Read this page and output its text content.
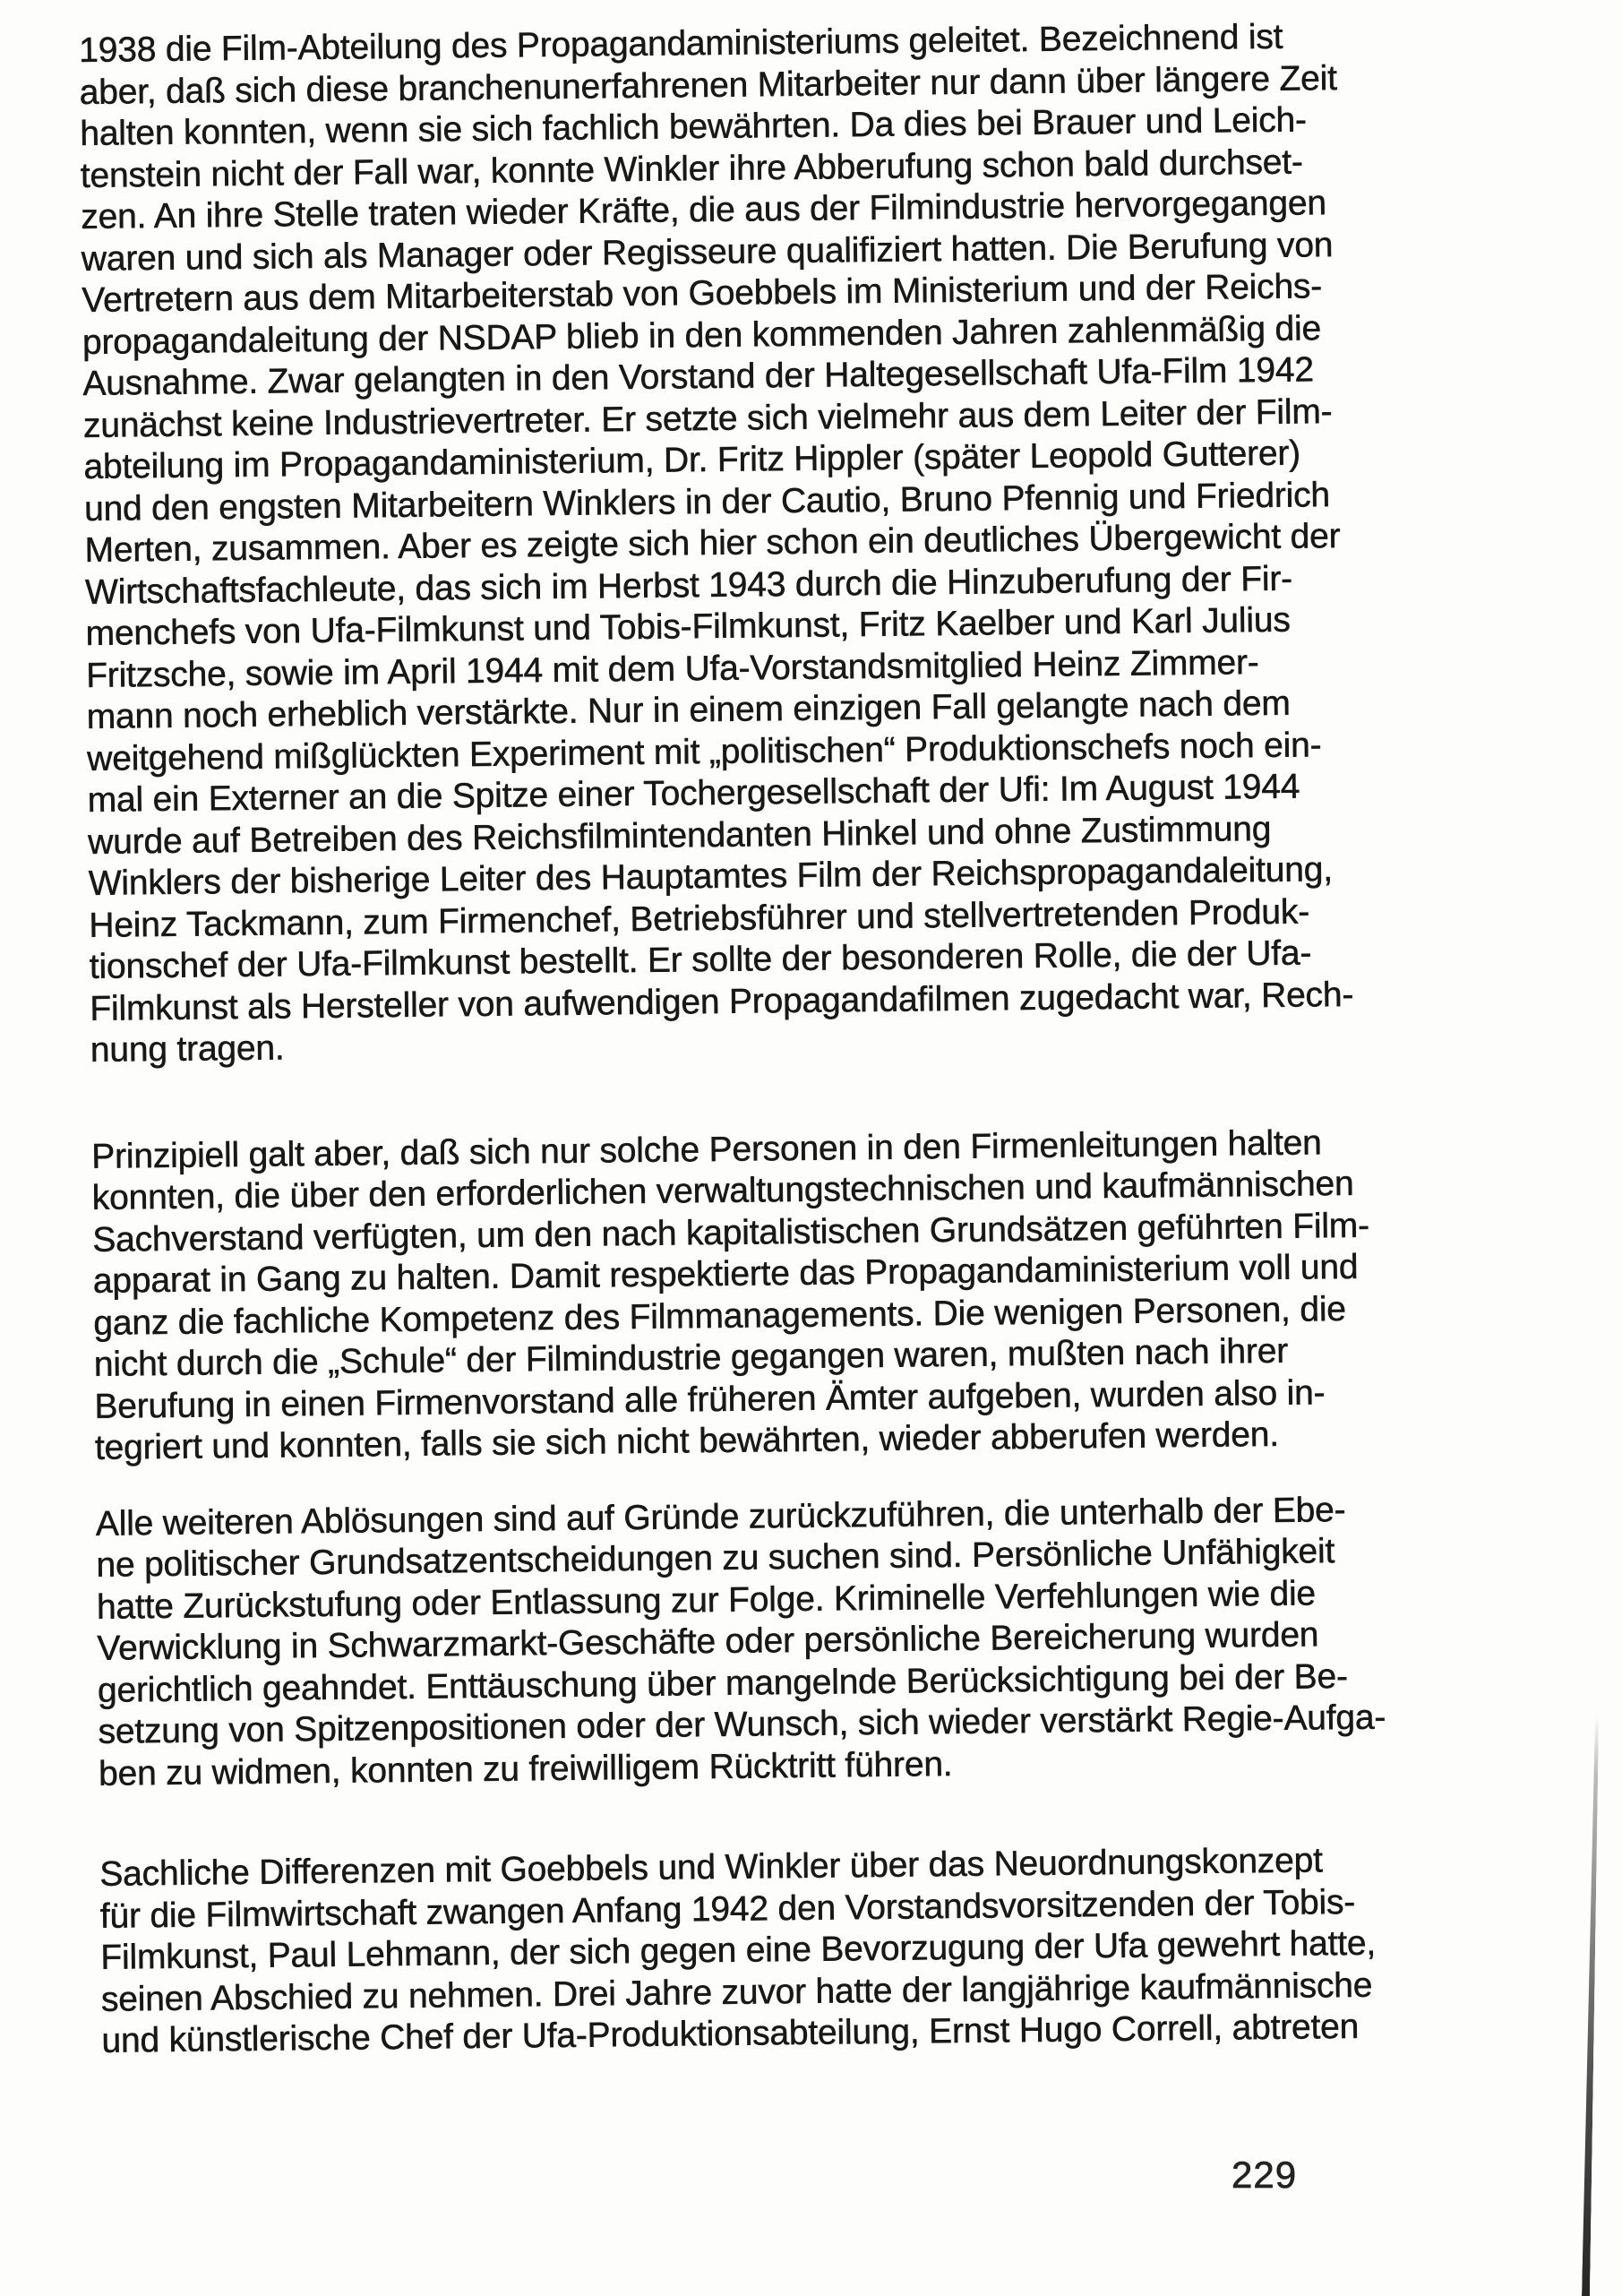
1938 die Film-Abteilung des Propagandaministeriums geleitet. Bezeichnend ist
aber, daß sich diese branchenunerfahrenen Mitarbeiter nur dann über längere Zeit
halten konnten, wenn sie sich fachlich bewährten. Da dies bei Brauer und Leich-
tenstein nicht der Fall war, konnte Winkler ihre Abberufung schon bald durchset-
zen. An ihre Stelle traten wieder Kräfte, die aus der Filmindustrie hervorgegangen
waren und sich als Manager oder Regisseure qualifiziert hatten. Die Berufung von
Vertretern aus dem Mitarbeiterstab von Goebbels im Ministerium und der Reichs-
propagandaleitung der NSDAP blieb in den kommenden Jahren zahlenmäßig die
Ausnahme. Zwar gelangten in den Vorstand der Haltegesellschaft Ufa-Film 1942
zunächst keine Industrievertreter. Er setzte sich vielmehr aus dem Leiter der Film-
abteilung im Propagandaministerium, Dr. Fritz Hippler (später Leopold Gutterer)
und den engsten Mitarbeitern Winklers in der Cautio, Bruno Pfennig und Friedrich
Merten, zusammen. Aber es zeigte sich hier schon ein deutliches Übergewicht der
Wirtschaftsfachleute, das sich im Herbst 1943 durch die Hinzuberufung der Fir-
menchefs von Ufa-Filmkunst und Tobis-Filmkunst, Fritz Kaelber und Karl Julius
Fritzsche, sowie im April 1944 mit dem Ufa-Vorstandsmitglied Heinz Zimmer-
mann noch erheblich verstärkte. Nur in einem einzigen Fall gelangte nach dem
weitgehend mißglückten Experiment mit „politischen“ Produktionschefs noch ein-
mal ein Externer an die Spitze einer Tochergesellschaft der Ufi: Im August 1944
wurde auf Betreiben des Reichsfilmintendanten Hinkel und ohne Zustimmung
Winklers der bisherige Leiter des Hauptamtes Film der Reichspropagandaleitung,
Heinz Tackmann, zum Firmenchef, Betriebsführer und stellvertretenden Produk-
tionschef der Ufa-Filmkunst bestellt. Er sollte der besonderen Rolle, die der Ufa-
Filmkunst als Hersteller von aufwendigen Propagandafilmen zugedacht war, Rech-
nung tragen.
Prinzipiell galt aber, daß sich nur solche Personen in den Firmenleitungen halten
konnten, die über den erforderlichen verwaltungstechnischen und kaufmännischen
Sachverstand verfügten, um den nach kapitalistischen Grundsätzen geführten Film-
apparat in Gang zu halten. Damit respektierte das Propagandaministerium voll und
ganz die fachliche Kompetenz des Filmmanagements. Die wenigen Personen, die
nicht durch die „Schule“ der Filmindustrie gegangen waren, mußten nach ihrer
Berufung in einen Firmenvorstand alle früheren Ämter aufgeben, wurden also in-
tegriert und konnten, falls sie sich nicht bewährten, wieder abberufen werden.
Alle weiteren Ablösungen sind auf Gründe zurückzuführen, die unterhalb der Ebe-
ne politischer Grundsatzentscheidungen zu suchen sind. Persönliche Unfähigkeit
hatte Zurückstufung oder Entlassung zur Folge. Kriminelle Verfehlungen wie die
Verwicklung in Schwarzmarkt-Geschäfte oder persönliche Bereicherung wurden
gerichtlich geahndet. Enttäuschung über mangelnde Berücksichtigung bei der Be-
setzung von Spitzenpositionen oder der Wunsch, sich wieder verstärkt Regie-Aufga-
ben zu widmen, konnten zu freiwilligem Rücktritt führen.
Sachliche Differenzen mit Goebbels und Winkler über das Neuordnungskonzept
für die Filmwirtschaft zwangen Anfang 1942 den Vorstandsvorsitzenden der Tobis-
Filmkunst, Paul Lehmann, der sich gegen eine Bevorzugung der Ufa gewehrt hatte,
seinen Abschied zu nehmen. Drei Jahre zuvor hatte der langjährige kaufmännische
und künstlerische Chef der Ufa-Produktionsabteilung, Ernst Hugo Correll, abtreten
229
